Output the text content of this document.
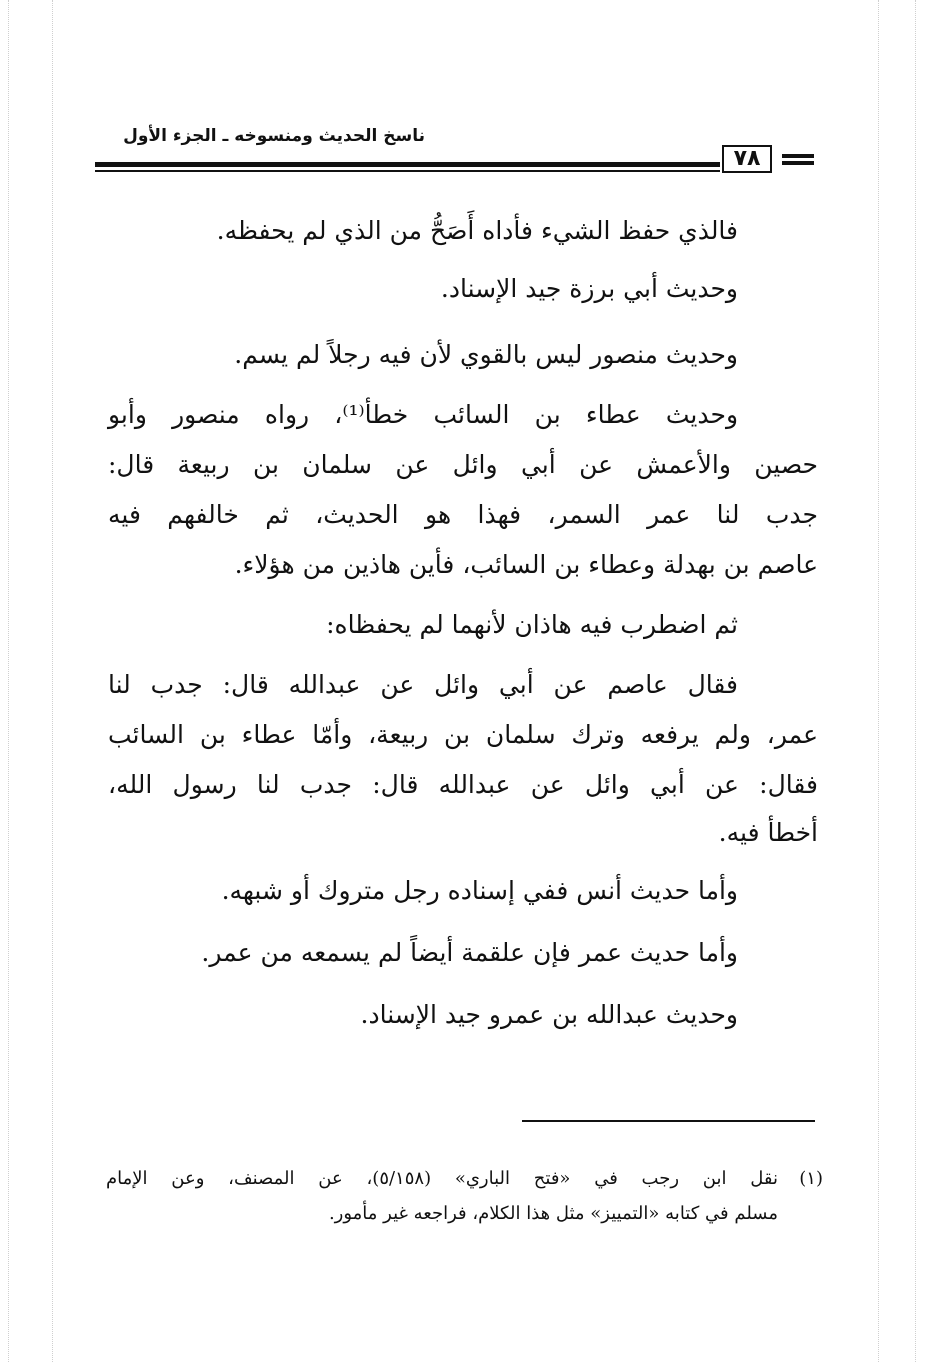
ناسخ الحديث ومنسوخه ـ الجزء الأول
٧٨
فالذي حفظ الشيء فأداه أَصَحُّ من الذي لم يحفظه.
وحديث أبي برزة جيد الإسناد.
وحديث منصور ليس بالقوي لأن فيه رجلاً لم يسم.
وحديث عطاء بن السائب خطأ⁽¹⁾، رواه منصور وأبو
حصين والأعمش عن أبي وائل عن سلمان بن ربيعة قال:
جدب لنا عمر السمر، فهذا هو الحديث، ثم خالفهم فيه
عاصم بن بهدلة وعطاء بن السائب، فأين هاذين من هؤلاء.
ثم اضطرب فيه هاذان لأنهما لم يحفظاه:
فقال عاصم عن أبي وائل عن عبدالله قال: جدب لنا
عمر، ولم يرفعه وترك سلمان بن ربيعة، وأمّا عطاء بن السائب
فقال: عن أبي وائل عن عبدالله قال: جدب لنا رسول الله،
أخطأ فيه.
وأما حديث أنس ففي إسناده رجل متروك أو شبهه.
وأما حديث عمر فإن علقمة أيضاً لم يسمعه من عمر.
وحديث عبدالله بن عمرو جيد الإسناد.
(١)
نقل ابن رجب في «فتح الباري» (٥/١٥٨)، عن المصنف، وعن الإمام
مسلم في كتابه «التمييز» مثل هذا الكلام، فراجعه غير مأمور.
